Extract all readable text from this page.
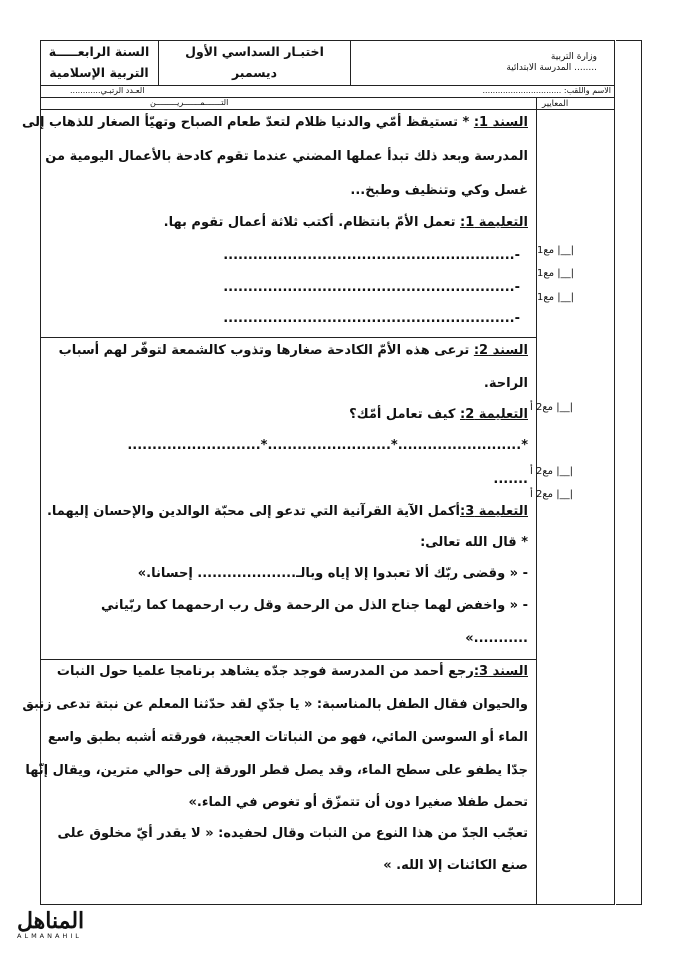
السنة الرابعـــــة
التربية الإسلامية
اختبـار السداسي الأول
ديسمبر
وزارة التربية
المدرسة الابتدائية ........
الاسم واللقب: ...............................
العـدد الرتبـي............
التـــــــمـــــــريـــــــــن	المعايير
السند 1: * تستيقظ أمّي والدنيا ظلام لتعدّ طعام الصباح وتهيّأ الصغار للذهاب إلى
المدرسة وبعد ذلك تبدأ عملها المضني عندما تقوم كادحة بالأعمال اليومية من
غسل وكي وتنظيف وطبخ...
التعليمة 1: تعمل الأمّ بانتظام. أكتب ثلاثة أعمال تقوم بها.
-...........................................................
-...........................................................
-...........................................................
مع1 |__|
مع1 |__|
مع1 |__|
السند 2: ترعى هذه الأمّ الكادحة صغارها وتذوب كالشمعة لتوفّر لهم أسباب
الراحة.
التعليمة 2: كيف تعامل أمّك؟
*.........................*.........................*...........................
.......
التعليمة 3:أكمل الآية القرآنية التي تدعو إلى محبّة الوالدين والإحسان إليهما.
* قال الله تعالى:
- « وقضى ربّك ألا تعبدوا إلا إياه وبالـ.................... إحسانا.»
- « واخفض لهما جناح الذل من الرحمة وقل رب ارحمهما كما ربّياني
...........»
مع2 أ |__|
مع2 أ |__|
مع2 أ |__|
السند 3:رجع أحمد من المدرسة فوجد جدّه يشاهد برنامجا علميا حول النبات
والحيوان فقال الطفل بالمناسبة: « يا جدّي لقد حدّثنا المعلم عن نبتة تدعى زنبق
الماء أو السوسن المائي، فهو من النباتات العجيبة، فورقته أشبه بطبق واسع
جدّا يطفو على سطح الماء، وقد يصل قطر الورقة إلى حوالي مترين، ويقال إنّها
تحمل طفلا صغيرا دون أن تتمزّق أو تغوص في الماء.»
تعجّب الجدّ من هذا النوع من النبات وقال لحفيده: « لا يقدر أيّ مخلوق على
صنع الكائنات إلا الله. »
المناهل
ALMANAHIL
